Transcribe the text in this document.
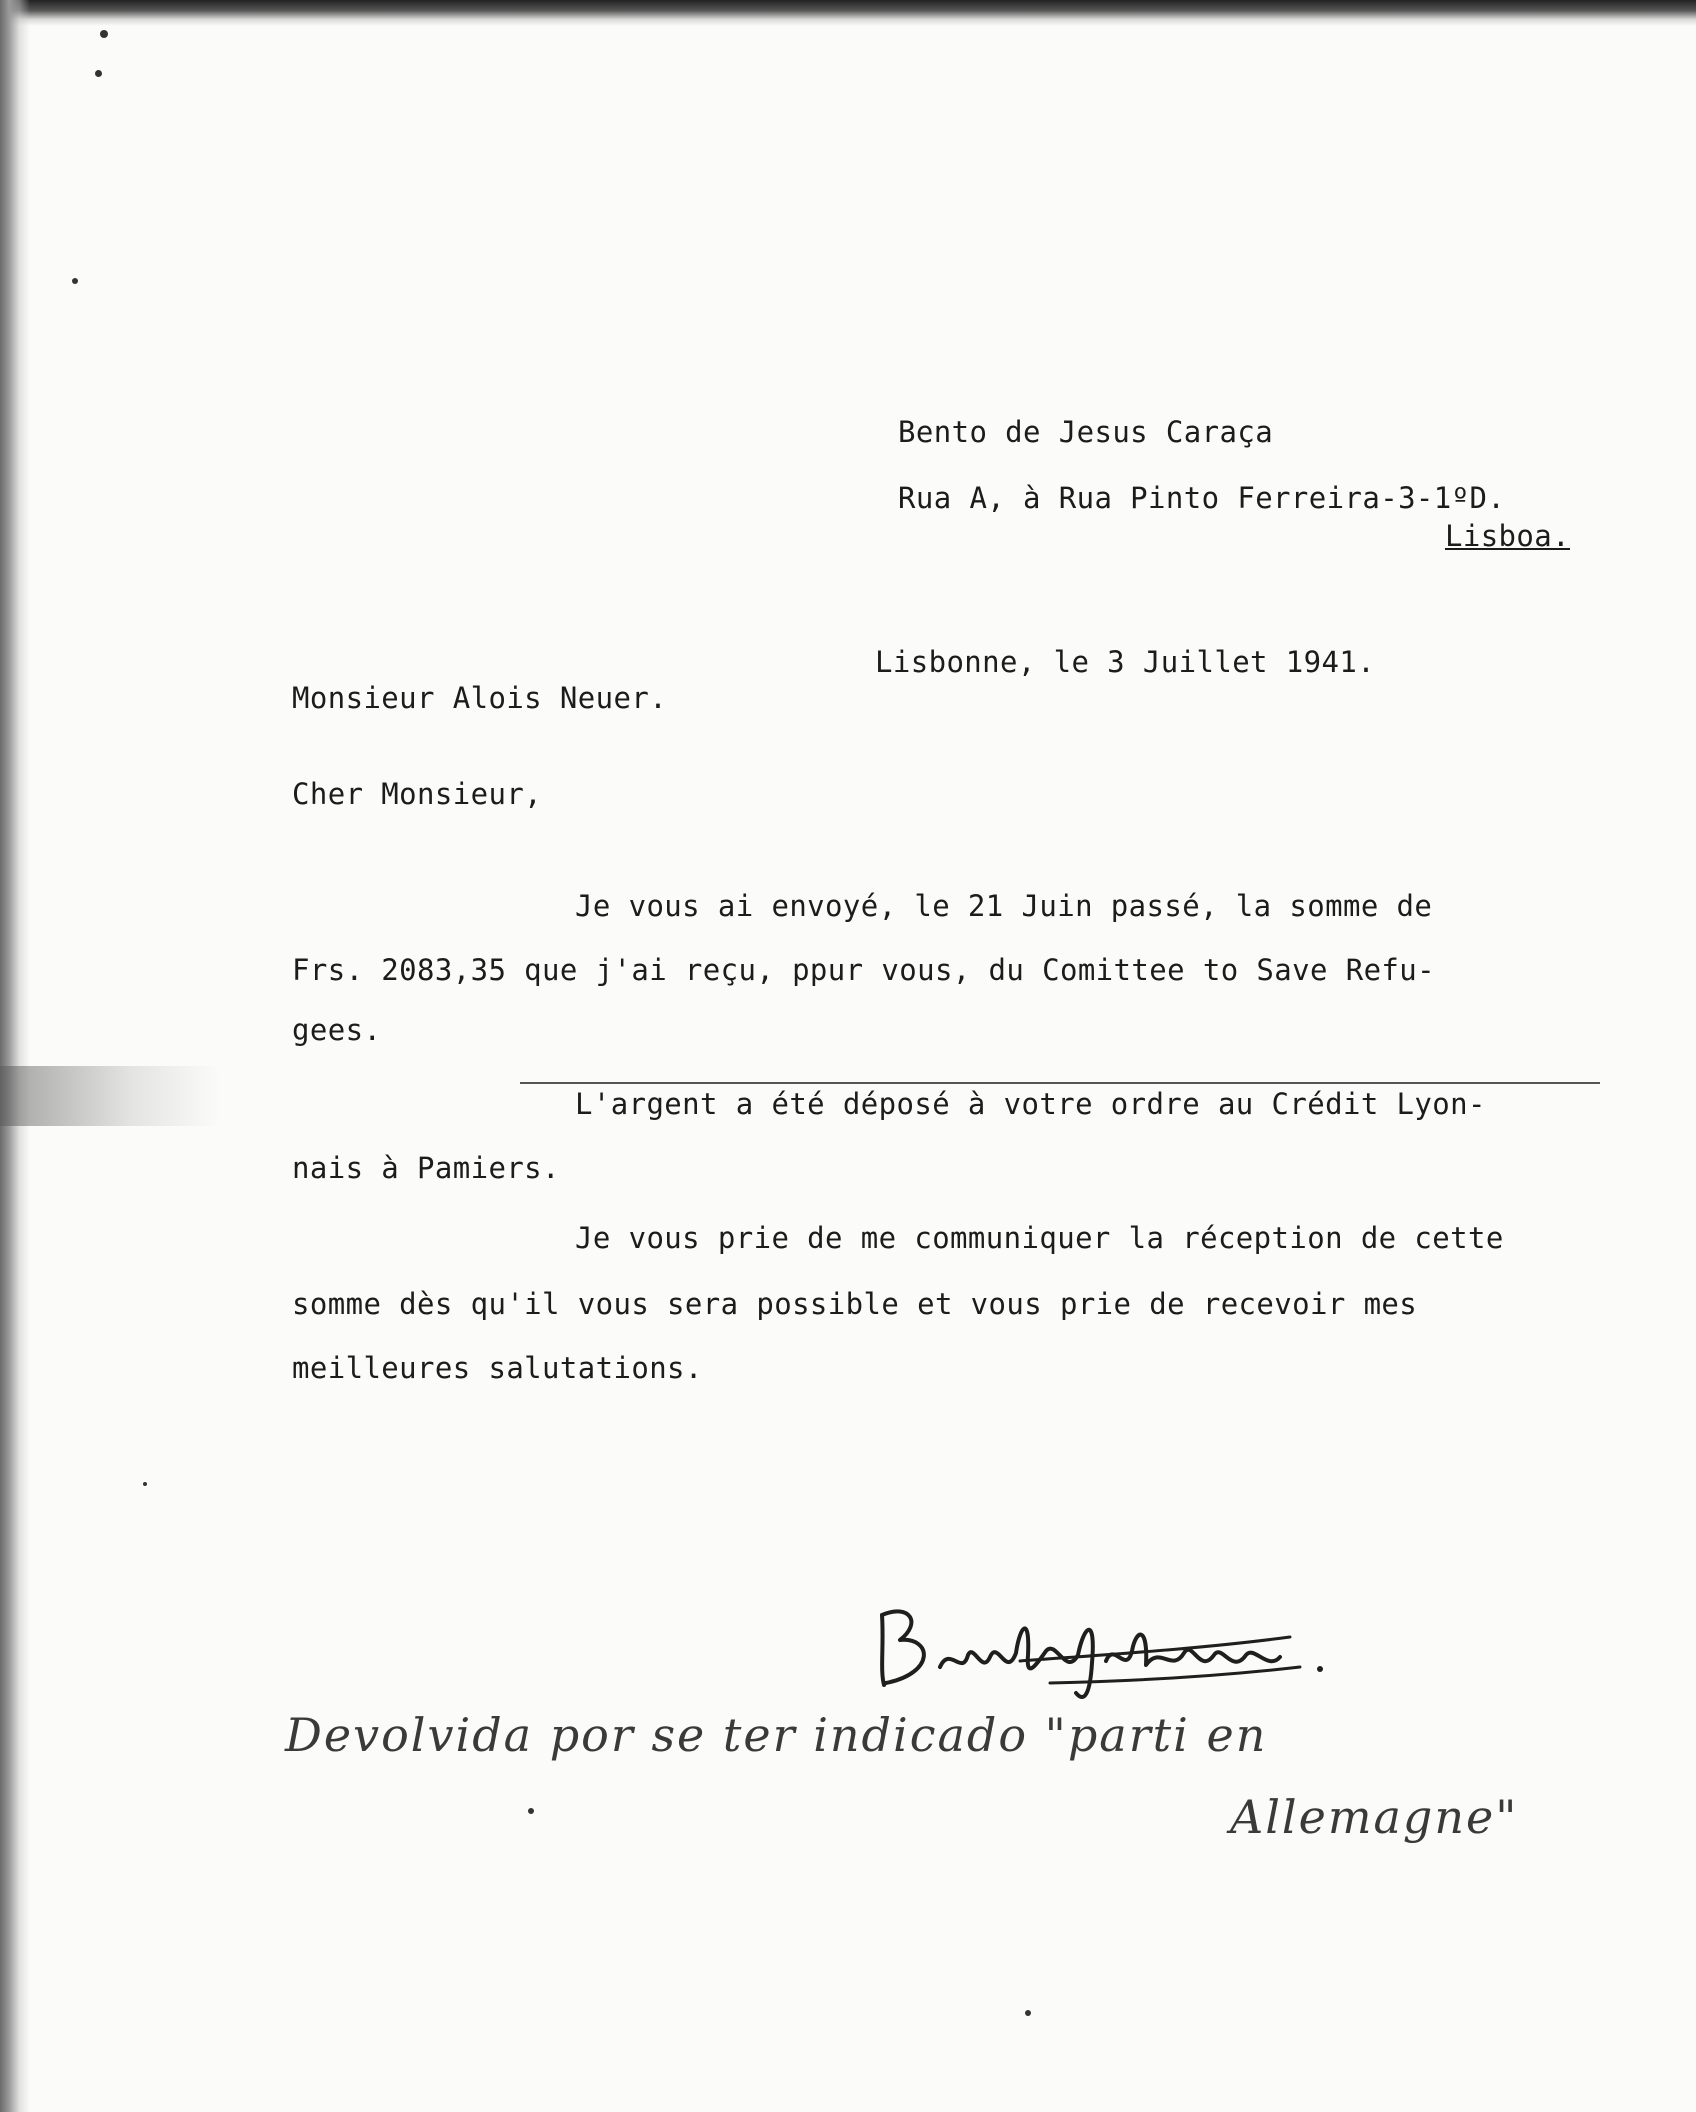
Bento de Jesus Caraça

Rua A, à Rua Pinto Ferreira-3-1ºD.

Lisboa.

Lisbonne, le 3 Juillet 1941.

Monsieur Alois Neuer.

Cher Monsieur,

Je vous ai envoyé, le 21 Juin passé, la somme de

Frs. 2083,35 que j'ai reçu, ppur vous, du Comittee to Save Refu-

gees.

L'argent a été déposé à votre ordre au Crédit Lyon-

nais à Pamiers.

Je vous prie de me communiquer la réception de cette

somme dès qu'il vous sera possible et vous prie de recevoir mes

meilleures salutations.

Devolvida por se ter indicado "parti en

Allemagne"
